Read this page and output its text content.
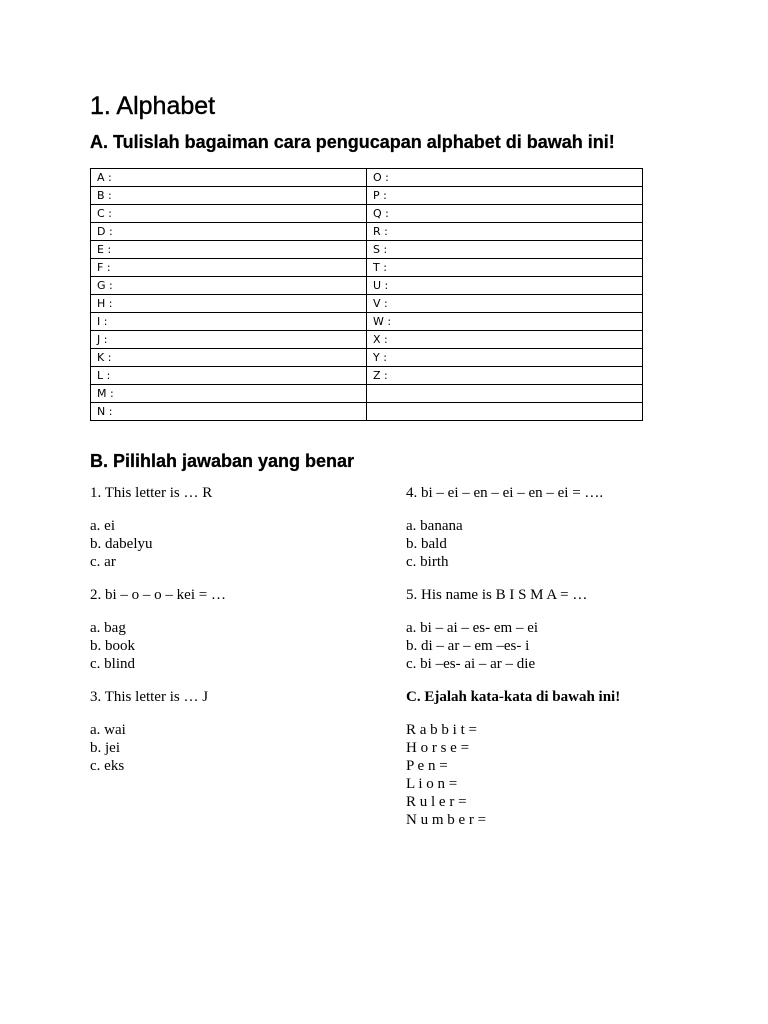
1. Alphabet
A. Tulislah bagaiman cara pengucapan alphabet di bawah ini!
A :	O :
B :	P :
C :	Q :
D :	R :
E :	S :
F :	T :
G :	U :
H :	V :
I :	W :
J :	X :
K :	Y :
L :	Z :
M :	
N :	
B. Pilihlah jawaban yang benar

1. This letter is … R

a. ei
b. dabelyu
c. ar

2. bi – o – o – kei = …

a. bag
b. book
c. blind

3. This letter is … J

a. wai
b. jei
c. eks

4. bi – ei – en – ei – en – ei = ….

a. banana
b. bald
c. birth

5. His name is B I S M A = …

a. bi – ai – es- em – ei
b. di – ar – em –es- i
c. bi –es- ai – ar – die

C. Ejalah kata-kata di bawah ini!

R a b b i t =
H o r s e =
P e n =
L i o n =
R u l e r =
N u m b e r =
